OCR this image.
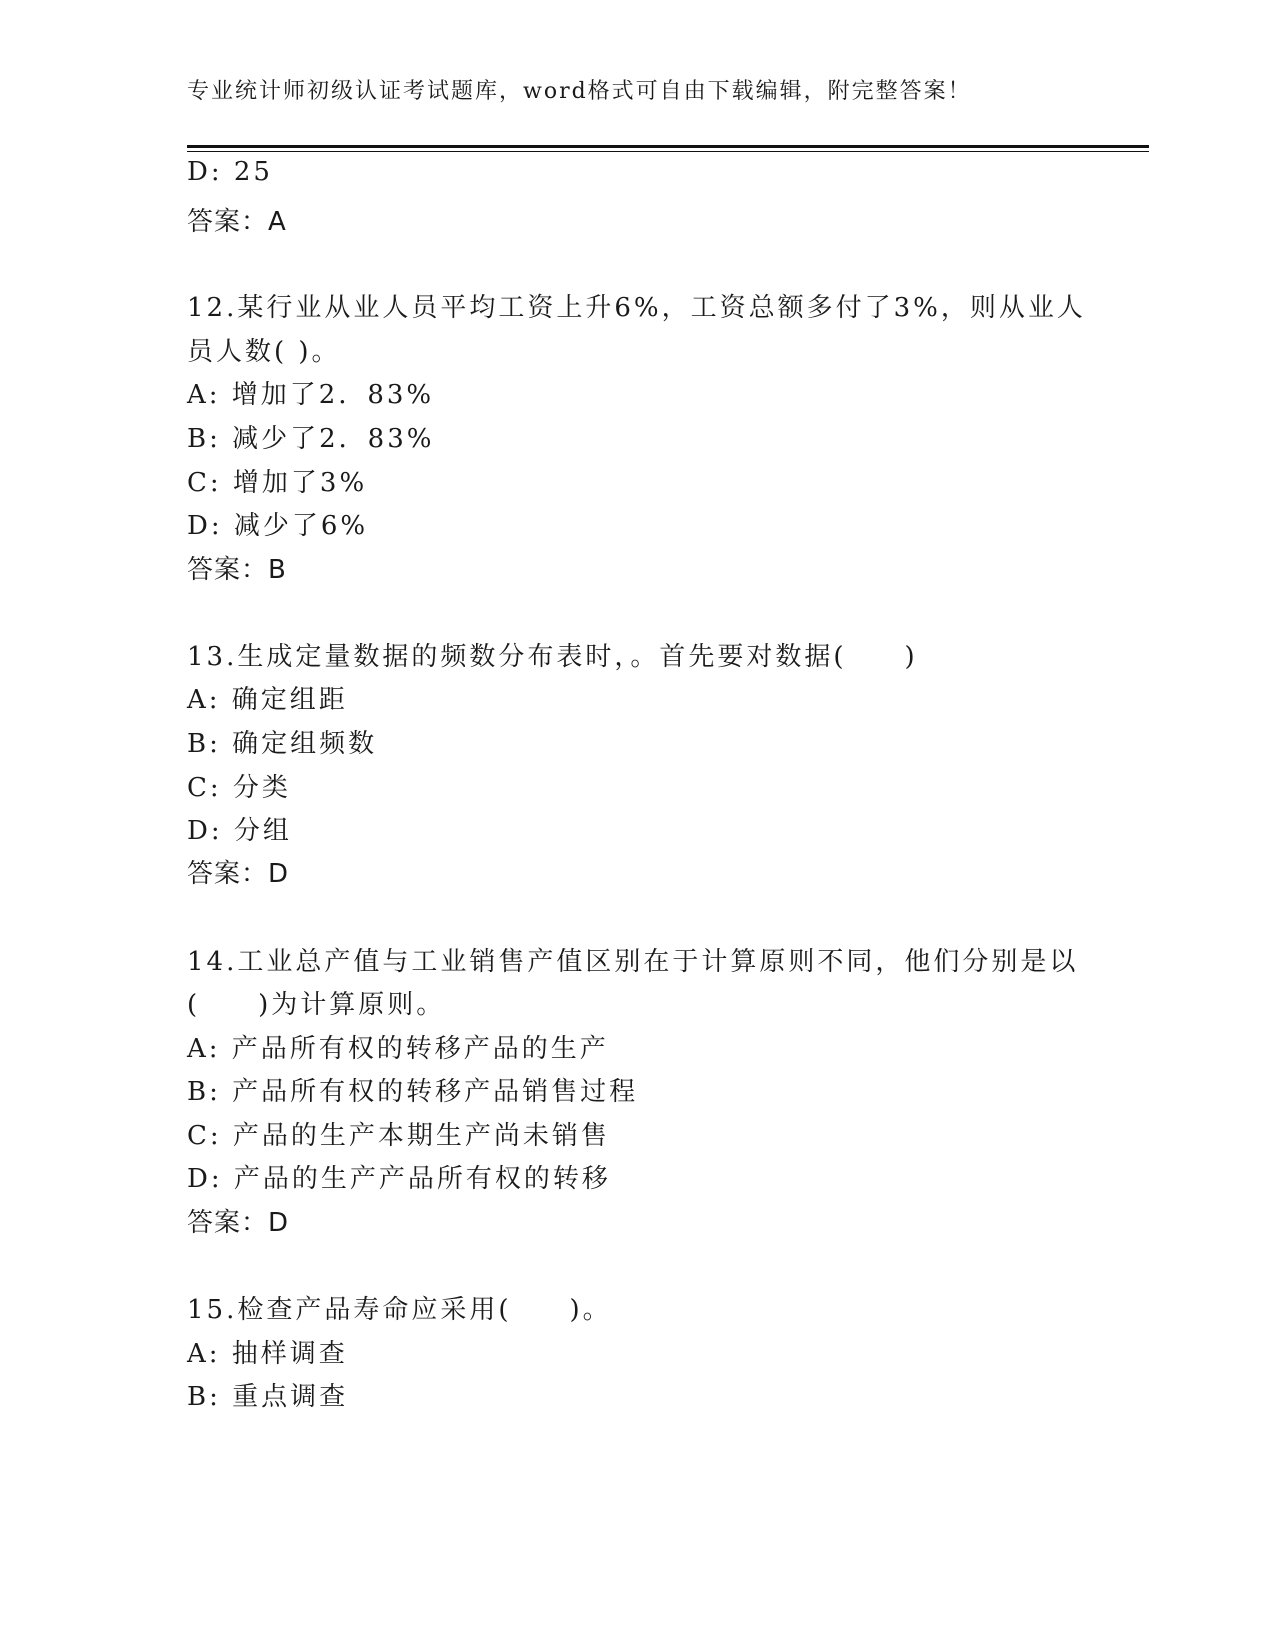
专业统计师初级认证考试题库，word格式可自由下载编辑，附完整答案！
D: 25
答案：A
12.某行业从业人员平均工资上升6%，工资总额多付了3%，则从业人
员人数( )。
A: 增加了2．83%
B: 减少了2．83%
C: 增加了3%
D: 减少了6%
答案：B
13.生成定量数据的频数分布表时，。首先要对数据(　　)
A: 确定组距
B: 确定组频数
C: 分类
D: 分组
答案：D
14.工业总产值与工业销售产值区别在于计算原则不同，他们分别是以
(　　)为计算原则。
A: 产品所有权的转移产品的生产
B: 产品所有权的转移产品销售过程
C: 产品的生产本期生产尚未销售
D: 产品的生产产品所有权的转移
答案：D
15.检查产品寿命应采用(　　)。
A: 抽样调查
B: 重点调查
